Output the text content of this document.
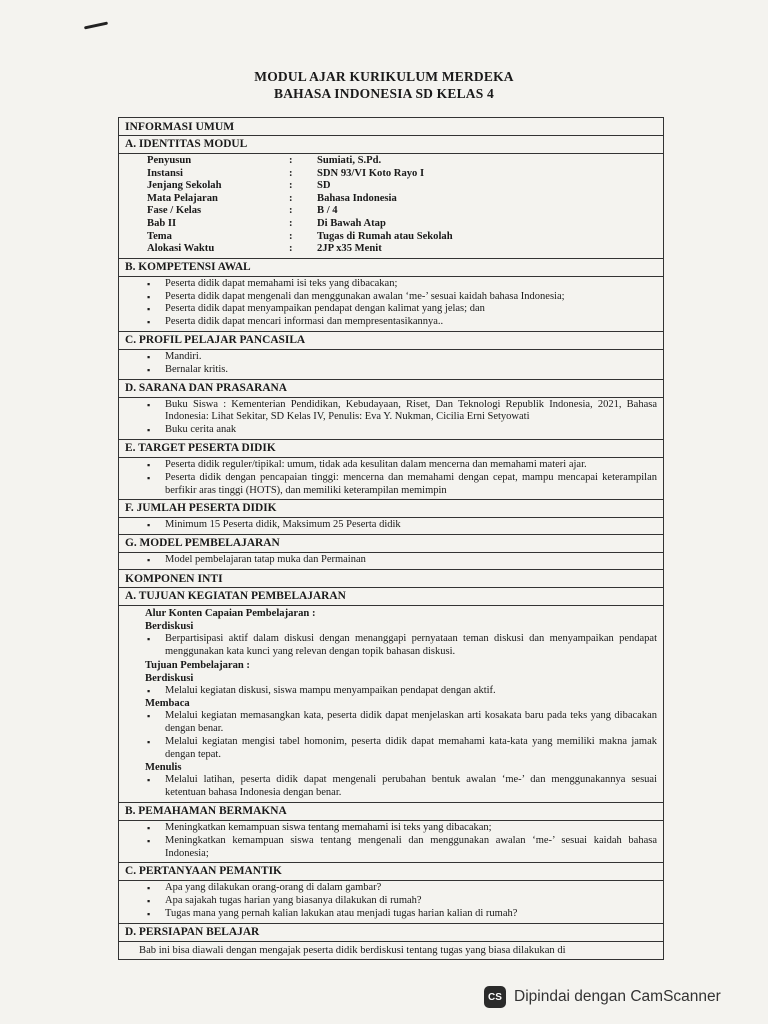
MODUL AJAR KURIKULUM MERDEKA
BAHASA INDONESIA SD KELAS 4
INFORMASI UMUM
A. IDENTITAS MODUL
Penyusun	:	Sumiati, S.Pd.
Instansi	:	SDN 93/VI Koto Rayo I
Jenjang Sekolah	:	SD
Mata Pelajaran	:	Bahasa Indonesia
Fase / Kelas	:	B / 4
Bab II	:	Di Bawah Atap
Tema	:	Tugas di Rumah atau Sekolah
Alokasi Waktu	:	2JP x35 Menit
B. KOMPETENSI AWAL
▪ Peserta didik dapat memahami isi teks yang dibacakan;
▪ Peserta didik dapat mengenali dan menggunakan awalan ‘me-’ sesuai kaidah bahasa Indonesia;
▪ Peserta didik dapat menyampaikan pendapat dengan kalimat yang jelas; dan
▪ Peserta didik dapat mencari informasi dan mempresentasikannya..
C. PROFIL PELAJAR PANCASILA
▪ Mandiri.
▪ Bernalar kritis.
D. SARANA DAN PRASARANA
▪ Buku Siswa : Kementerian Pendidikan, Kebudayaan, Riset, Dan Teknologi Republik Indonesia, 2021, Bahasa Indonesia: Lihat Sekitar, SD Kelas IV, Penulis: Eva Y. Nukman, Cicilia Erni Setyowati
▪ Buku cerita anak
E. TARGET PESERTA DIDIK
▪ Peserta didik reguler/tipikal: umum, tidak ada kesulitan dalam mencerna dan memahami materi ajar.
▪ Peserta didik dengan pencapaian tinggi: mencerna dan memahami dengan cepat, mampu mencapai keterampilan berfikir aras tinggi (HOTS), dan memiliki keterampilan memimpin
F. JUMLAH PESERTA DIDIK
▪ Minimum 15 Peserta didik, Maksimum 25 Peserta didik
G. MODEL PEMBELAJARAN
▪ Model pembelajaran tatap muka dan Permainan
KOMPONEN INTI
A. TUJUAN KEGIATAN PEMBELAJARAN
Alur Konten Capaian Pembelajaran :
Berdiskusi
▪ Berpartisipasi aktif dalam diskusi dengan menanggapi pernyataan teman diskusi dan menyampaikan pendapat menggunakan kata kunci yang relevan dengan topik bahasan diskusi.
Tujuan Pembelajaran :
Berdiskusi
▪ Melalui kegiatan diskusi, siswa mampu menyampaikan pendapat dengan aktif.
Membaca
▪ Melalui kegiatan memasangkan kata, peserta didik dapat menjelaskan arti kosakata baru pada teks yang dibacakan dengan benar.
▪ Melalui kegiatan mengisi tabel homonim, peserta didik dapat memahami kata-kata yang memiliki makna jamak dengan tepat.
Menulis
▪ Melalui latihan, peserta didik dapat mengenali perubahan bentuk awalan ‘me-’ dan menggunakannya sesuai ketentuan bahasa Indonesia dengan benar.
B. PEMAHAMAN BERMAKNA
▪ Meningkatkan kemampuan siswa tentang memahami isi teks yang dibacakan;
▪ Meningkatkan kemampuan siswa tentang mengenali dan menggunakan awalan ‘me-’ sesuai kaidah bahasa Indonesia;
C. PERTANYAAN PEMANTIK
▪ Apa yang dilakukan orang-orang di dalam gambar?
▪ Apa sajakah tugas harian yang biasanya dilakukan di rumah?
▪ Tugas mana yang pernah kalian lakukan atau menjadi tugas harian kalian di rumah?
D. PERSIAPAN BELAJAR
Bab ini bisa diawali dengan mengajak peserta didik berdiskusi tentang tugas yang biasa dilakukan di
CS Dipindai dengan CamScanner
